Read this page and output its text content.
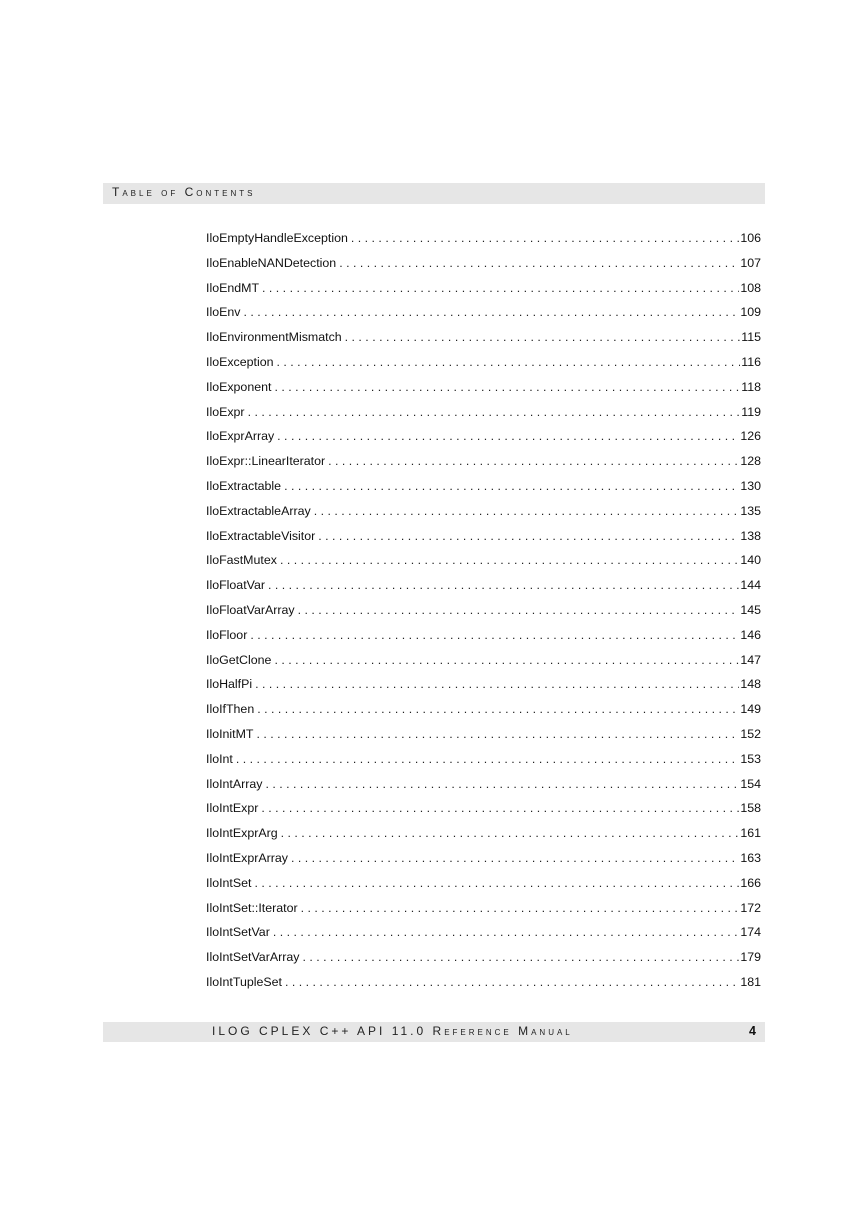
Table of Contents
IloEmptyHandleException . . .	106
IloEnableNANDetection . . .	107
IloEndMT . . .	108
IloEnv . . .	109
IloEnvironmentMismatch . . .	115
IloException . . .	116
IloExponent . . .	118
IloExpr . . .	119
IloExprArray . . .	126
IloExpr::LinearIterator . . .	128
IloExtractable . . .	130
IloExtractableArray . . .	135
IloExtractableVisitor . . .	138
IloFastMutex . . .	140
IloFloatVar . . .	144
IloFloatVarArray . . .	145
IloFloor . . .	146
IloGetClone . . .	147
IloHalfPi . . .	148
IloIfThen . . .	149
IloInitMT . . .	152
IloInt . . .	153
IloIntArray . . .	154
IloIntExpr . . .	158
IloIntExprArg . . .	161
IloIntExprArray . . .	163
IloIntSet . . .	166
IloIntSet::Iterator . . .	172
IloIntSetVar . . .	174
IloIntSetVarArray . . .	179
IloIntTupleSet . . .	181
ILOG CPLEX C++ API 11.0 Reference Manual	4
